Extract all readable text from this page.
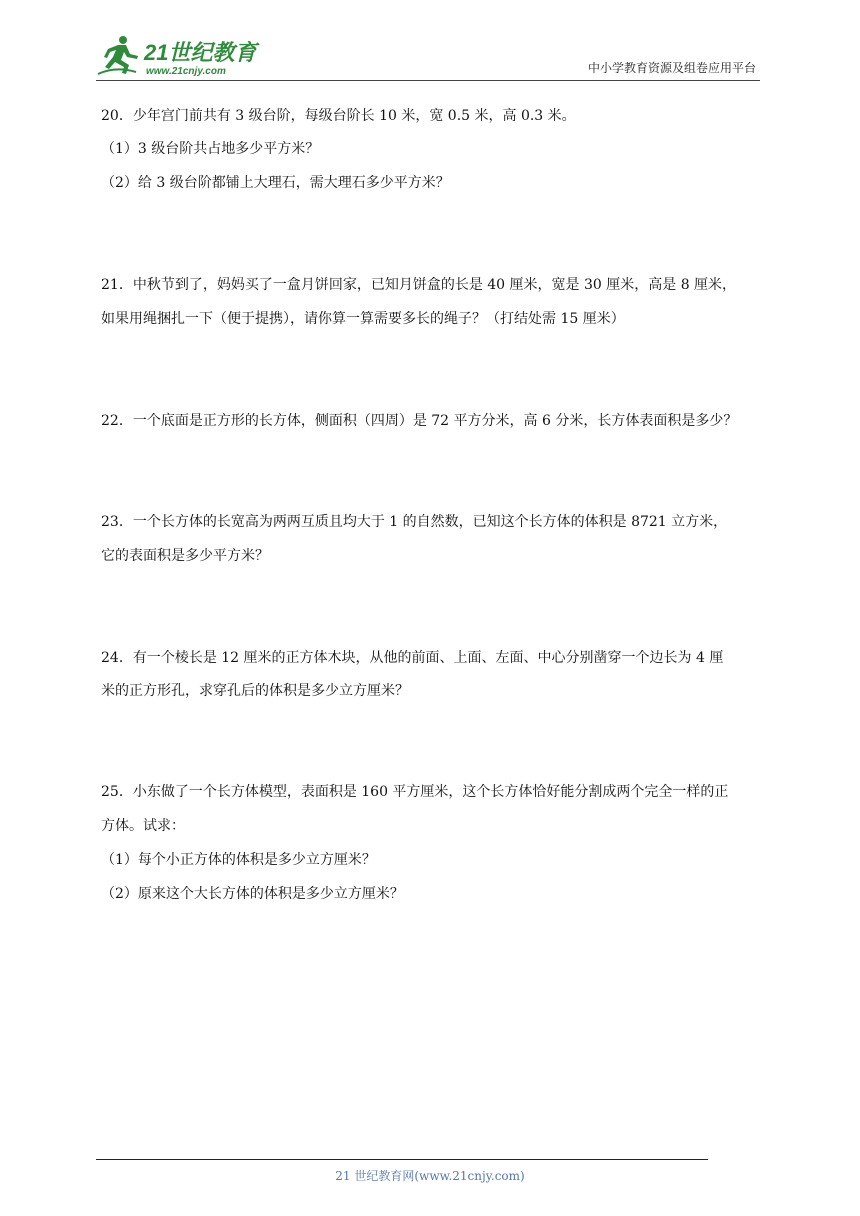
21世纪教育
www.21cnjy.com	中小学教育资源及组卷应用平台
20．少年宫门前共有 3 级台阶，每级台阶长 10 米，宽 0.5 米，高 0.3 米。
（1）3 级台阶共占地多少平方米？
（2）给 3 级台阶都铺上大理石，需大理石多少平方米？
21．中秋节到了，妈妈买了一盒月饼回家，已知月饼盒的长是 40 厘米，宽是 30 厘米，高是 8 厘米，
如果用绳捆扎一下（便于提携），请你算一算需要多长的绳子？（打结处需 15 厘米）
22．一个底面是正方形的长方体，侧面积（四周）是 72 平方分米，高 6 分米，长方体表面积是多少？
23．一个长方体的长宽高为两两互质且均大于 1 的自然数，已知这个长方体的体积是 8721 立方米，
它的表面积是多少平方米？
24．有一个棱长是 12 厘米的正方体木块，从他的前面、上面、左面、中心分别凿穿一个边长为 4 厘
米的正方形孔，求穿孔后的体积是多少立方厘米？
25．小东做了一个长方体模型，表面积是 160 平方厘米，这个长方体恰好能分割成两个完全一样的正
方体。试求：
（1）每个小正方体的体积是多少立方厘米？
（2）原来这个大长方体的体积是多少立方厘米？
21 世纪教育网(www.21cnjy.com)
